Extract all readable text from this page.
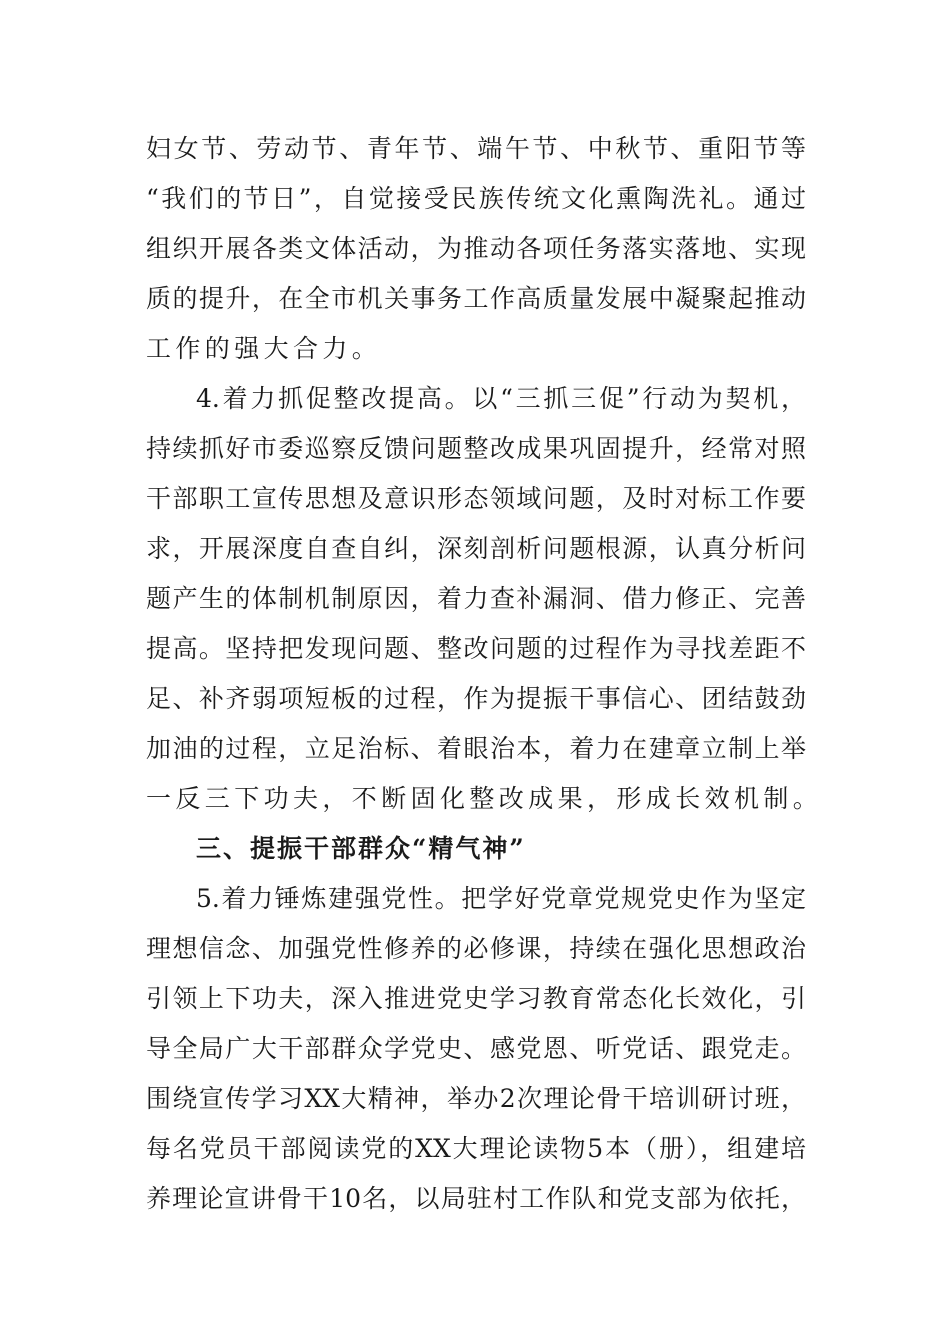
妇女节、劳动节、青年节、端午节、中秋节、重阳节等
“我们的节日”，自觉接受民族传统文化熏陶洗礼。通过
组织开展各类文体活动，为推动各项任务落实落地、实现
质的提升，在全市机关事务工作高质量发展中凝聚起推动
工作的强大合力。
4.着力抓促整改提高。以“三抓三促”行动为契机，
持续抓好市委巡察反馈问题整改成果巩固提升，经常对照
干部职工宣传思想及意识形态领域问题，及时对标工作要
求，开展深度自查自纠，深刻剖析问题根源，认真分析问
题产生的体制机制原因，着力查补漏洞、借力修正、完善
提高。坚持把发现问题、整改问题的过程作为寻找差距不
足、补齐弱项短板的过程，作为提振干事信心、团结鼓劲
加油的过程，立足治标、着眼治本，着力在建章立制上举
一反三下功夫，不断固化整改成果，形成长效机制。
三、提振干部群众“精气神”
5.着力锤炼建强党性。把学好党章党规党史作为坚定
理想信念、加强党性修养的必修课，持续在强化思想政治
引领上下功夫，深入推进党史学习教育常态化长效化，引
导全局广大干部群众学党史、感党恩、听党话、跟党走。
围绕宣传学习XX大精神，举办2次理论骨干培训研讨班，
每名党员干部阅读党的XX大理论读物5本（册），组建培
养理论宣讲骨干10名，以局驻村工作队和党支部为依托，
